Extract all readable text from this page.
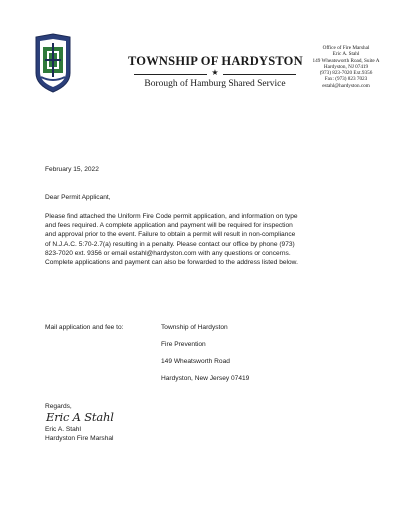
TOWNSHIP OF HARDYSTON
★
Borough of Hamburg Shared Service
Office of Fire Marshal
Eric A. Stahl
149 Wheatsworth Road, Suite A
Hardyston, NJ 07419
(973) 823-7020 Ext.9356
Fax: (973) 823 7023
estahl@hardyston.com
February 15, 2022
Dear Permit Applicant,
Please find attached the Uniform Fire Code permit application, and information on type
and fees required. A complete application and payment will be required for inspection
and approval prior to the event. Failure to obtain a permit will result in non-compliance
of N.J.A.C. 5:70-2.7(a) resulting in a penalty. Please contact our office by phone (973)
823-7020 ext. 9356 or email estahl@hardyston.com with any questions or concerns.
Complete applications and payment can also be forwarded to the address listed below.
Mail application and fee to:	Township of Hardyston
Fire Prevention
149 Wheatsworth Road
Hardyston, New Jersey 07419
Regards,
Eric A Stahl
Eric A. Stahl
Hardyston Fire Marshal
